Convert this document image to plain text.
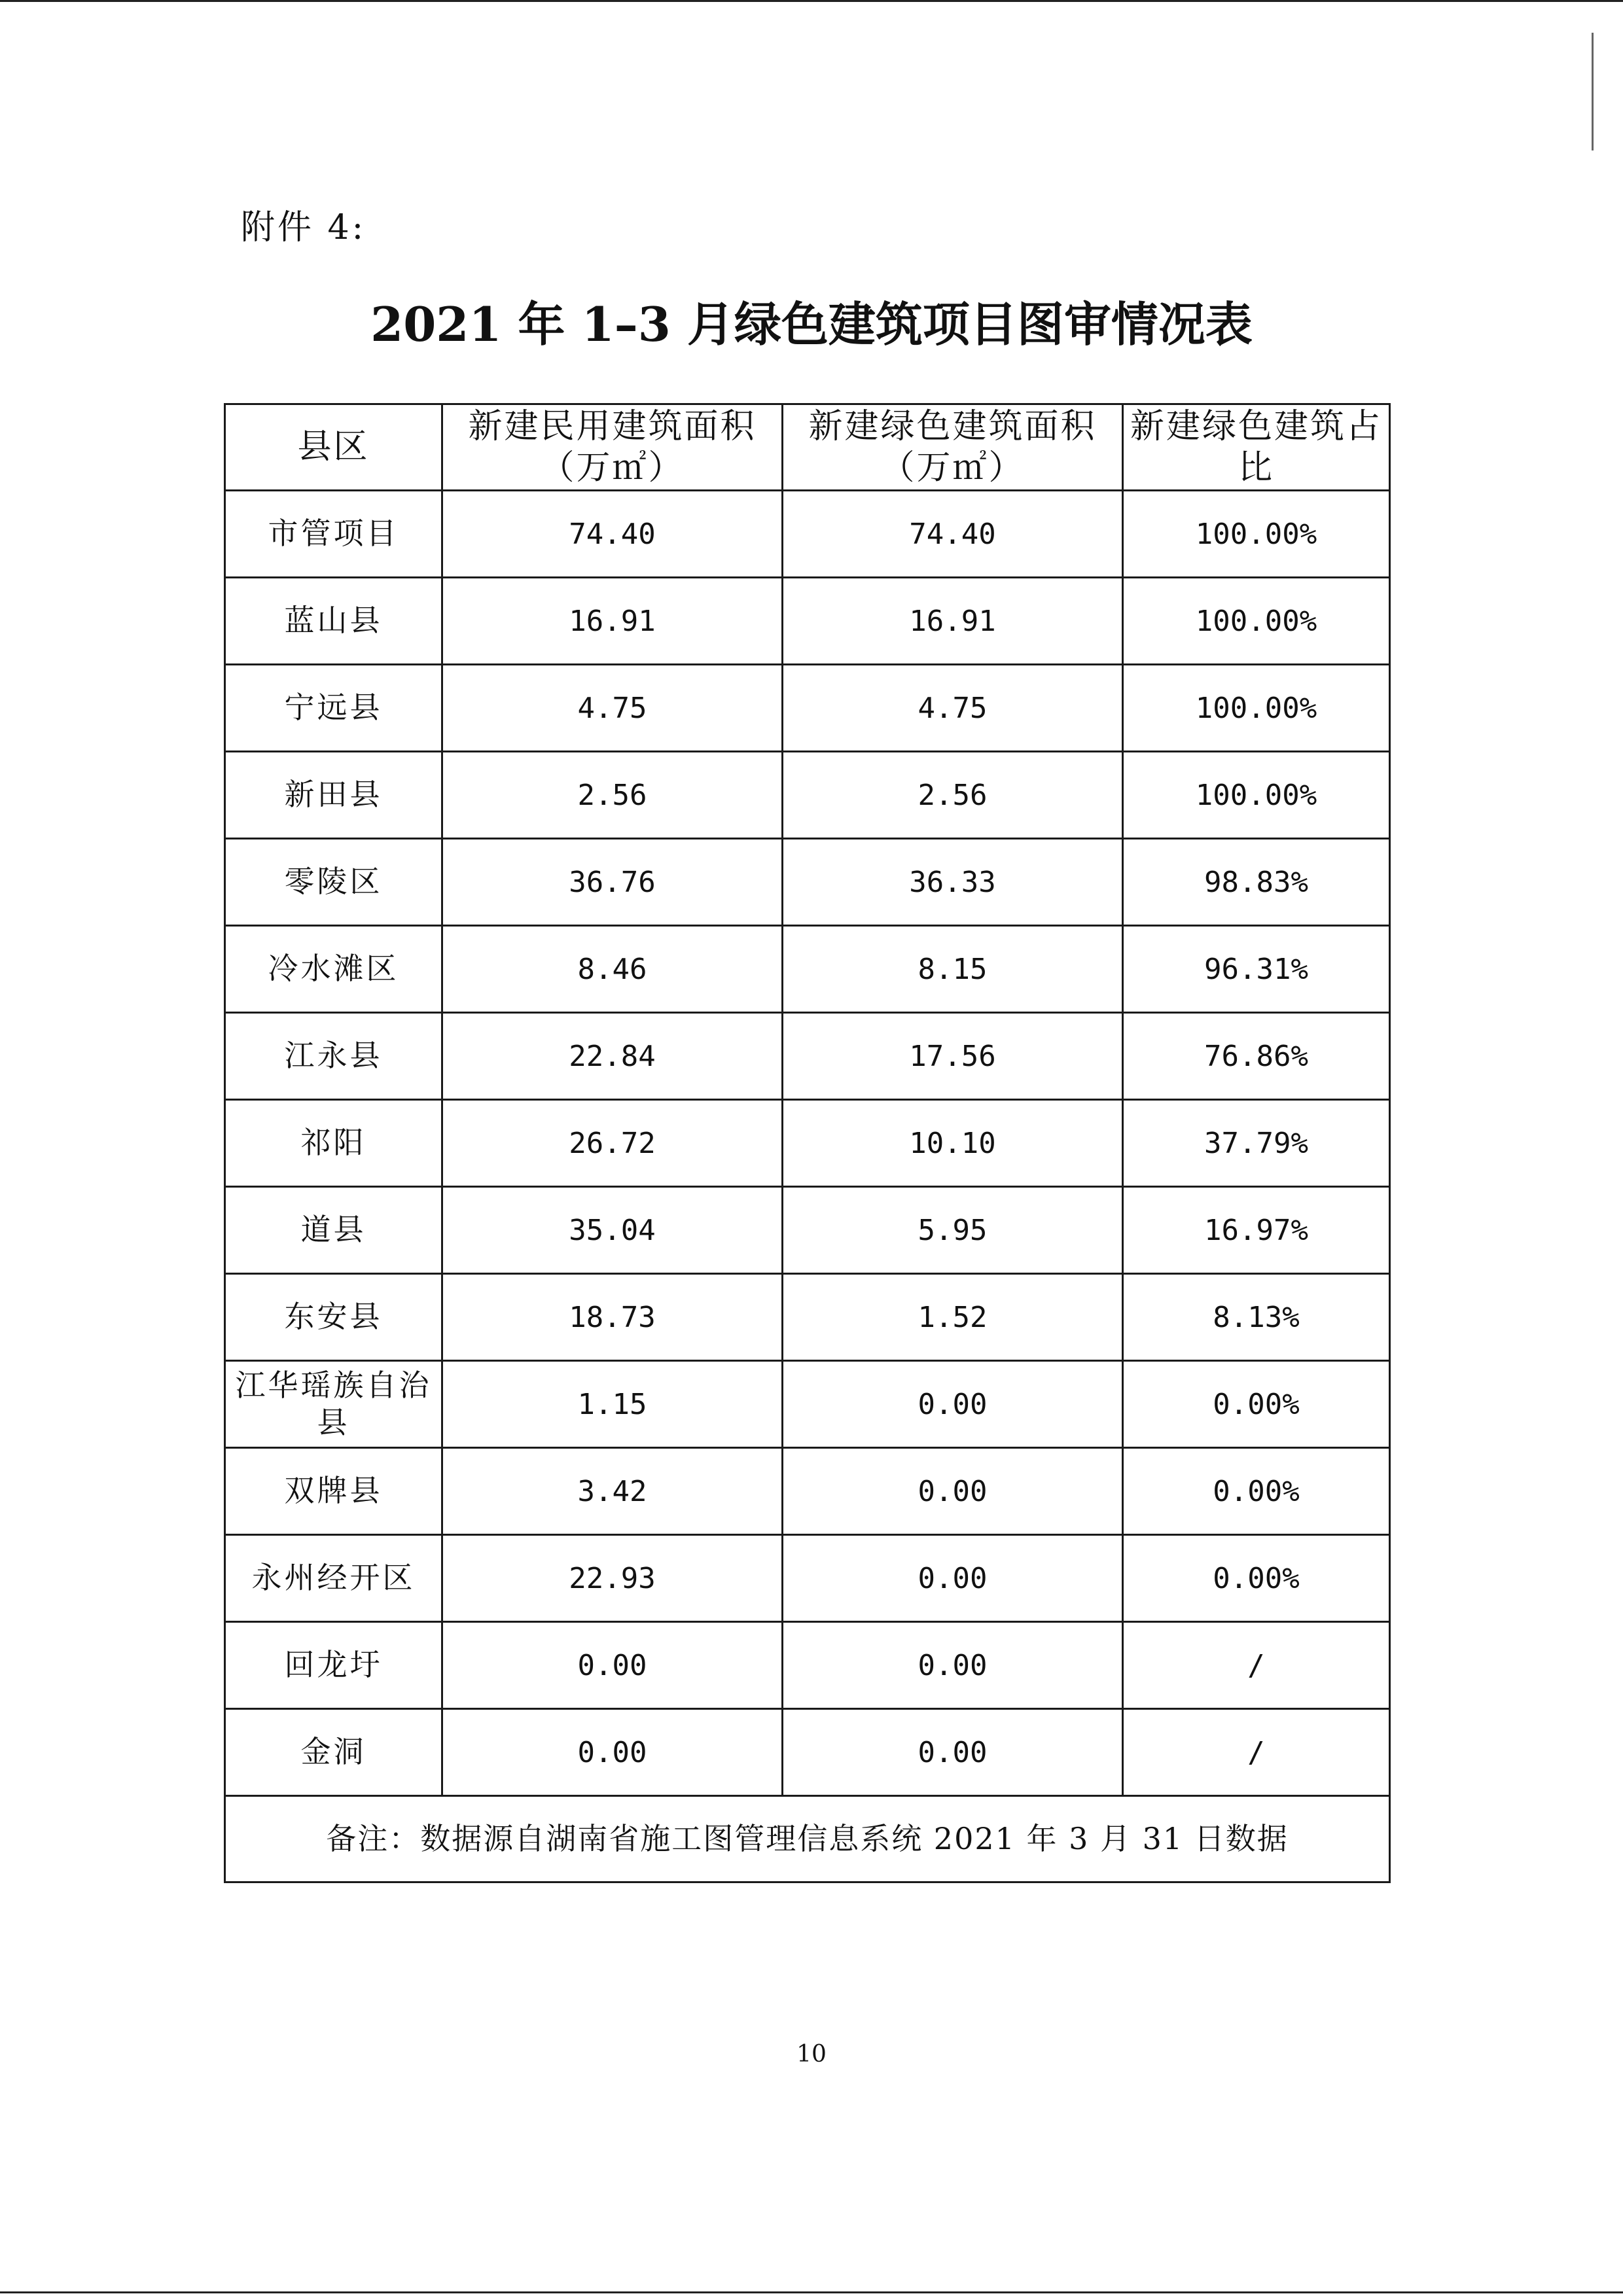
附件 4:
2021 年 1–3 月绿色建筑项目图审情况表
县区	新建民用建筑面积（万㎡）	新建绿色建筑面积（万㎡）	新建绿色建筑占比
市管项目	74.40	74.40	100.00%
蓝山县	16.91	16.91	100.00%
宁远县	4.75	4.75	100.00%
新田县	2.56	2.56	100.00%
零陵区	36.76	36.33	98.83%
冷水滩区	8.46	8.15	96.31%
江永县	22.84	17.56	76.86%
祁阳	26.72	10.10	37.79%
道县	35.04	5.95	16.97%
东安县	18.73	1.52	8.13%
江华瑶族自治县	1.15	0.00	0.00%
双牌县	3.42	0.00	0.00%
永州经开区	22.93	0.00	0.00%
回龙圩	0.00	0.00	/
金洞	0.00	0.00	/
备注：数据源自湖南省施工图管理信息系统 2021 年 3 月 31 日数据			
10
